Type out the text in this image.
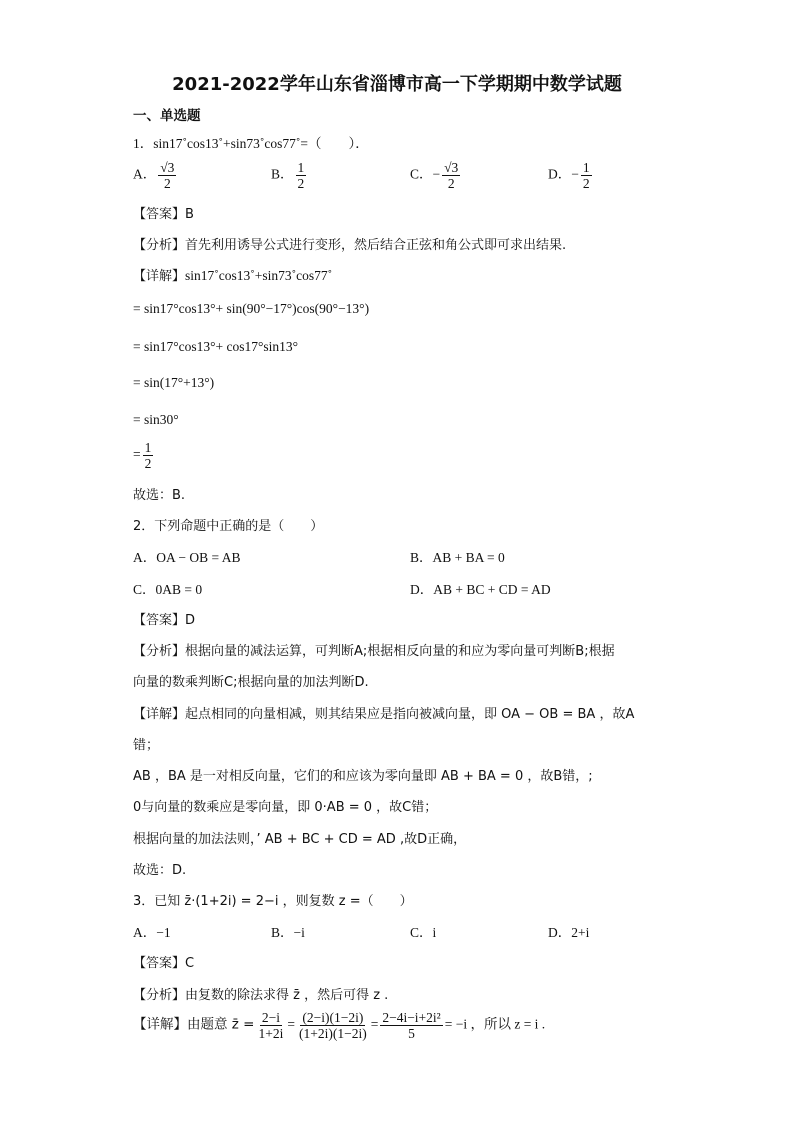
2021-2022学年山东省淄博市高一下学期期中数学试题
一、单选题
1．sin17˚cos13˚+sin73˚cos77˚=（　　）．
A． $\frac{√3}{2}$	B． $\frac{1}{2}$	C．− $\frac{√3}{2}$	D．− $\frac{1}{2}$
【答案】B
【分析】首先利用诱导公式进行变形，然后结合正弦和角公式即可求出结果.
【详解】sin17˚cos13˚+sin73˚cos77˚
= sin17°cos13°+ sin(90°−17°)cos(90°−13°)
= sin17°cos13°+ cos17°sin13°
= sin(17°+13°)
= sin30°
= $\frac{1}{2}$
故选：B.
2．下列命题中正确的是（　　）
A．OA − OB = AB	B．AB + BA = 0
C．0AB = 0	D．AB + BC + CD = AD
【答案】D
【分析】根据向量的减法运算，可判断A;根据相反向量的和应为零向量可判断B;根据
向量的数乘判断C;根据向量的加法判断D.
【详解】起点相同的向量相减，则其结果应是指向被减向量，即 OA − OB = BA ，故A
错；
AB ，BA 是一对相反向量，它们的和应该为零向量即 AB + BA = 0 ，故B错，;
0与向量的数乘应是零向量，即 0·AB = 0 ，故C错；
根据向量的加法法则，’ AB + BC + CD = AD ,故D正确，
故选：D.
3．已知 z̄·(1+2i) = 2−i ，则复数 z =（　　）
A．−1	B．−i	C．i	D．2+i
【答案】C
【分析】由复数的除法求得 z̄ ，然后可得 z .
【详解】由题意 z̄ = $\frac{2-i}{1+2i} = \frac{(2-i)(1-2i)}{(1+2i)(1-2i)} = \frac{\text{2−4i−i+2i²}}{5} = -i$ ，所以 z = i .
